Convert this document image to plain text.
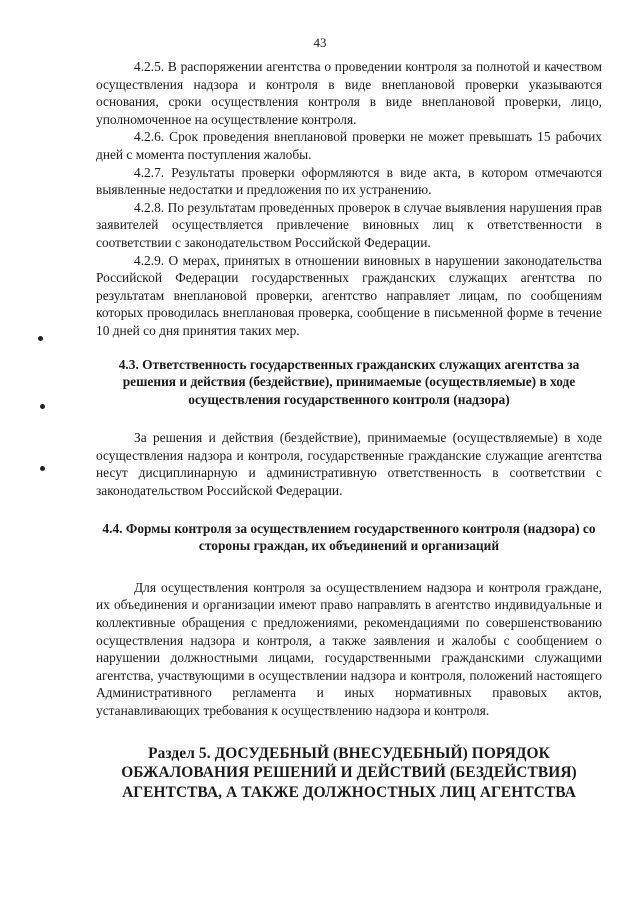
43

4.2.5. В распоряжении агентства о проведении контроля за полнотой и качеством осуществления надзора и контроля в виде внеплановой проверки указываются основания, сроки осуществления контроля в виде внеплановой проверки, лицо, уполномоченное на осуществление контроля.

4.2.6. Срок проведения внеплановой проверки не может превышать 15 рабочих дней с момента поступления жалобы.

4.2.7. Результаты проверки оформляются в виде акта, в котором отмечаются выявленные недостатки и предложения по их устранению.

4.2.8. По результатам проведенных проверок в случае выявления нарушения прав заявителей осуществляется привлечение виновных лиц к ответственности в соответствии с законодательством Российской Федерации.

4.2.9. О мерах, принятых в отношении виновных в нарушении законодательства Российской Федерации государственных гражданских служащих агентства по результатам внеплановой проверки, агентство направляет лицам, по сообщениям которых проводилась внеплановая проверка, сообщение в письменной форме в течение 10 дней со дня принятия таких мер.

4.3. Ответственность государственных гражданских служащих агентства за решения и действия (бездействие), принимаемые (осуществляемые) в ходе осуществления государственного контроля (надзора)

За решения и действия (бездействие), принимаемые (осуществляемые) в ходе осуществления надзора и контроля, государственные гражданские служащие агентства несут дисциплинарную и административную ответственность в соответствии с законодательством Российской Федерации.

4.4. Формы контроля за осуществлением государственного контроля (надзора) со стороны граждан, их объединений и организаций

Для осуществления контроля за осуществлением надзора и контроля граждане, их объединения и организации имеют право направлять в агентство индивидуальные и коллективные обращения с предложениями, рекомендациями по совершенствованию осуществления надзора и контроля, а также заявления и жалобы с сообщением о нарушении должностными лицами, государственными гражданскими служащими агентства, участвующими в осуществлении надзора и контроля, положений настоящего Административного регламента и иных нормативных правовых актов, устанавливающих требования к осуществлению надзора и контроля.

Раздел 5. ДОСУДЕБНЫЙ (ВНЕСУДЕБНЫЙ) ПОРЯДОК ОБЖАЛОВАНИЯ РЕШЕНИЙ И ДЕЙСТВИЙ (БЕЗДЕЙСТВИЯ) АГЕНТСТВА, А ТАКЖЕ ДОЛЖНОСТНЫХ ЛИЦ АГЕНТСТВА
